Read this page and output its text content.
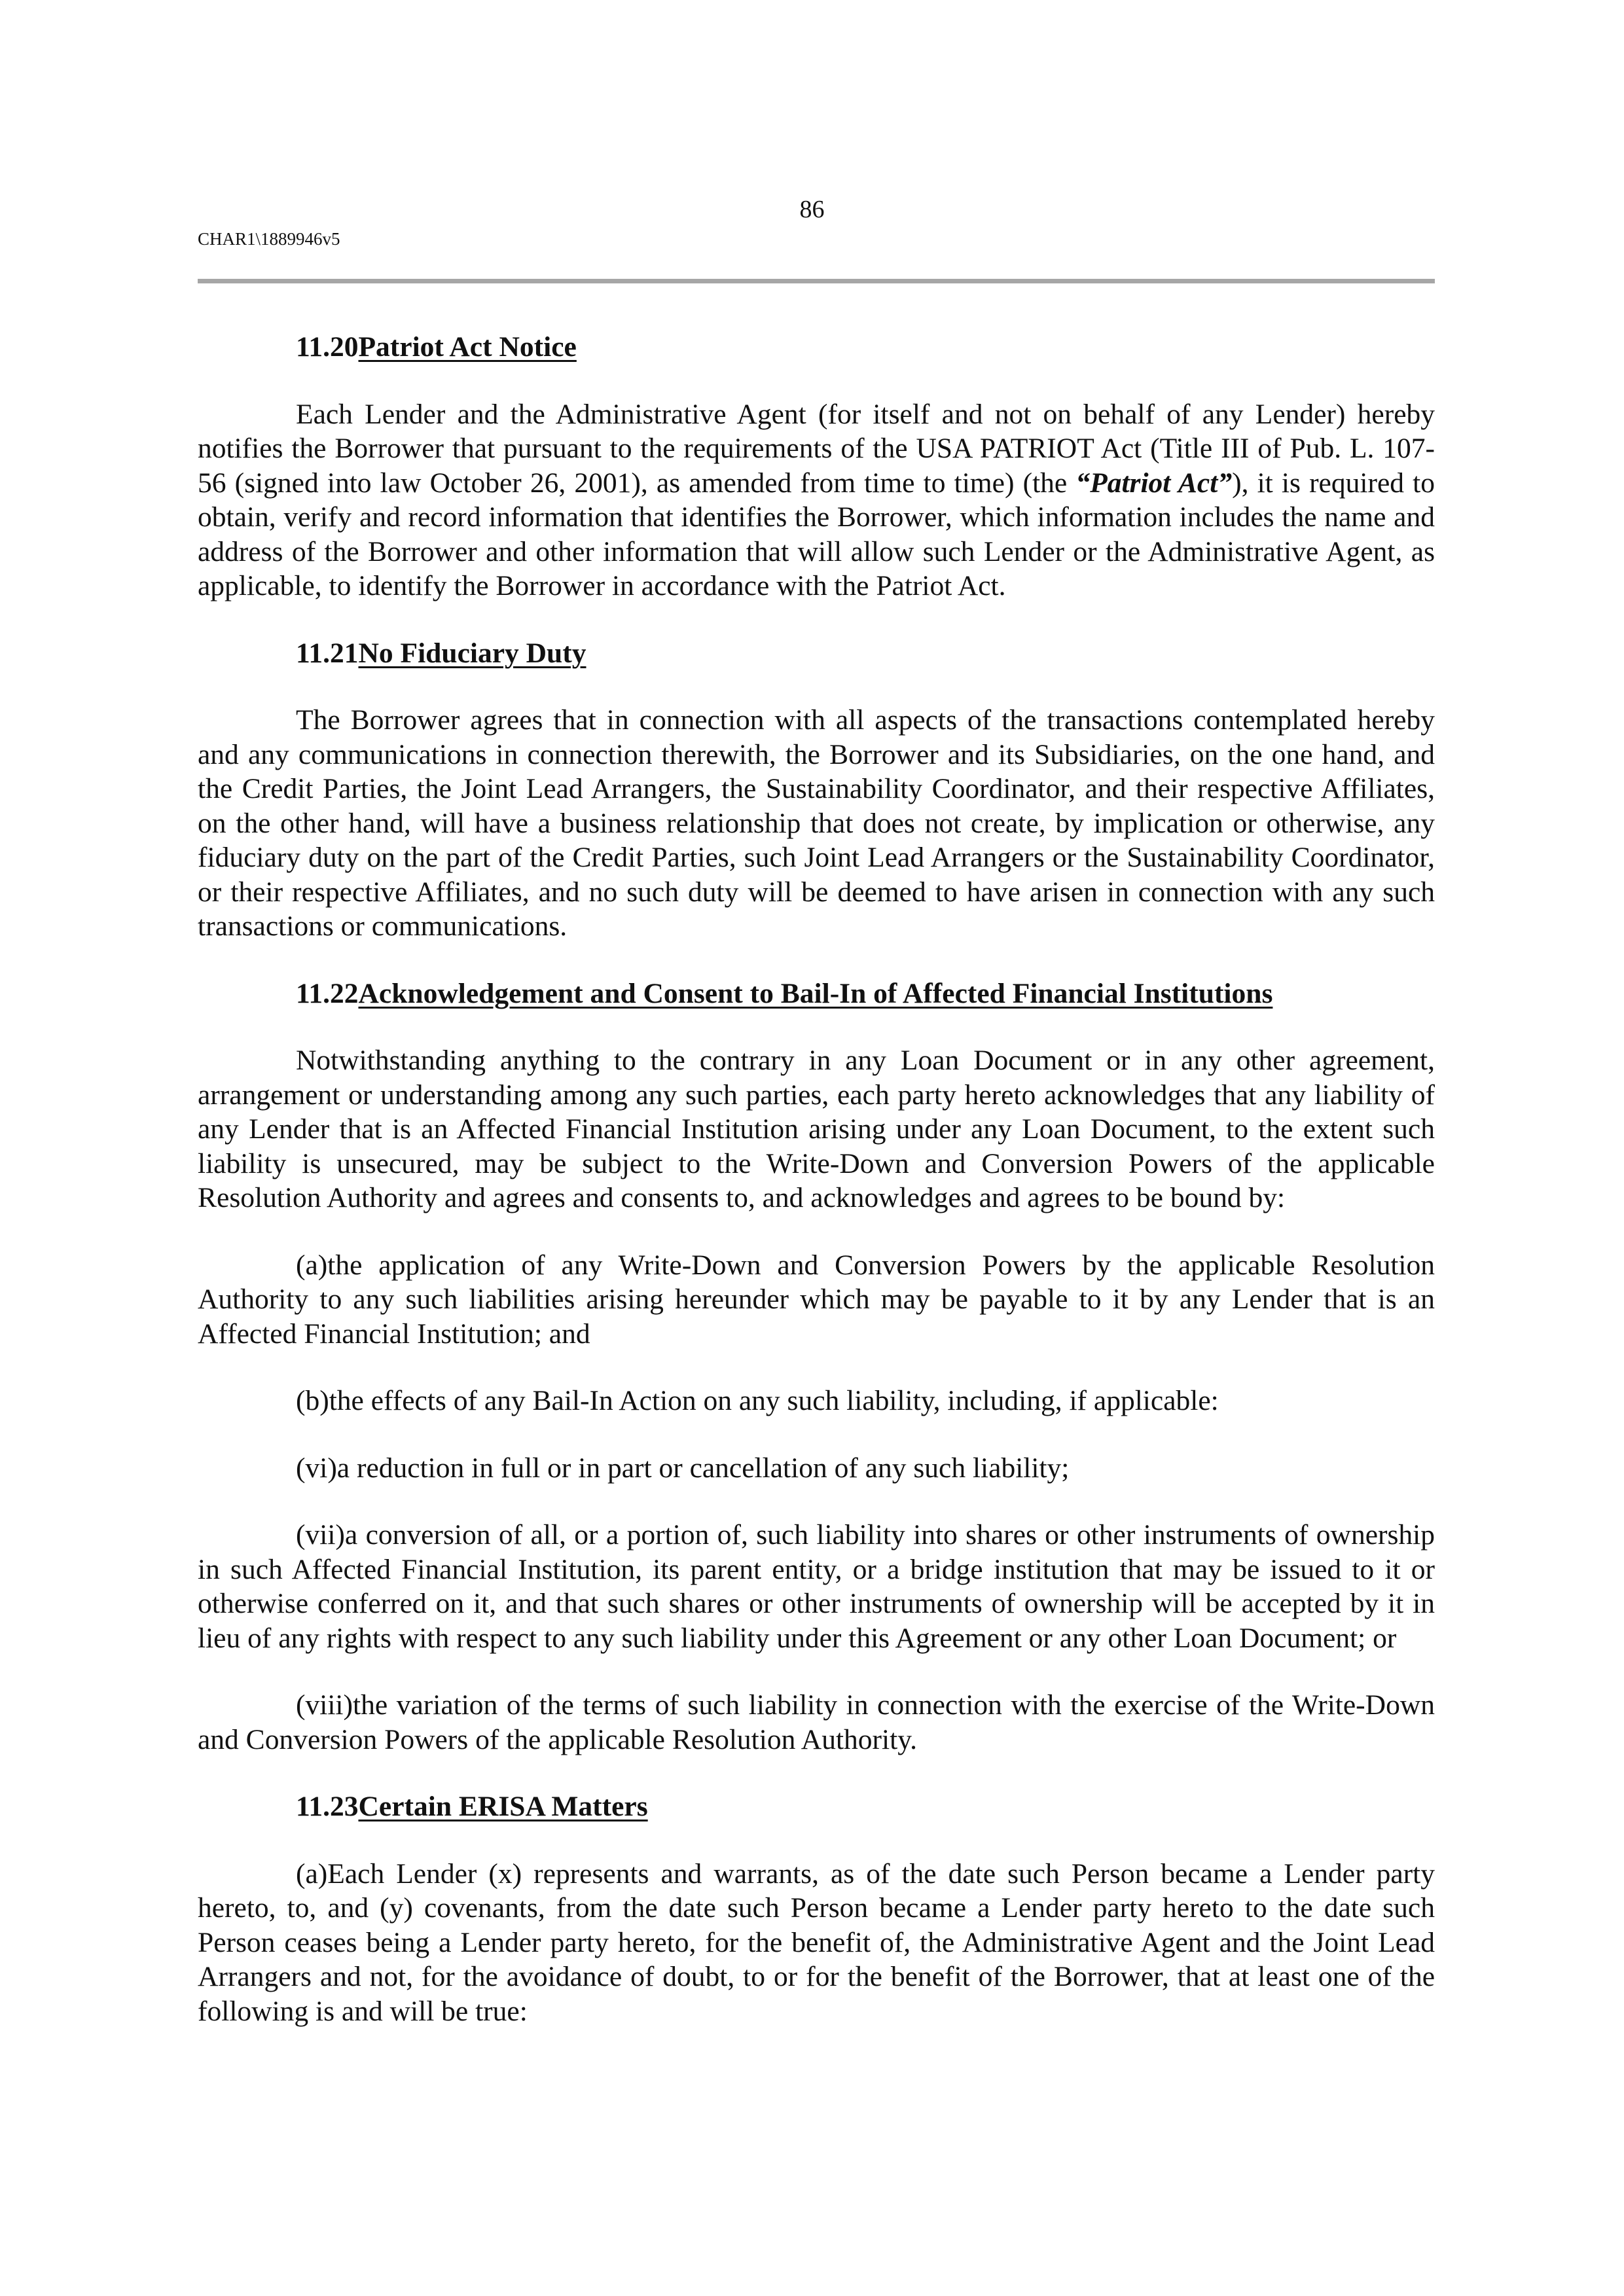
86
CHAR1\1889946v5

11.20Patriot Act Notice

Each Lender and the Administrative Agent (for itself and not on behalf of any Lender) hereby notifies the Borrower that pursuant to the requirements of the USA PATRIOT Act (Title III of Pub. L. 107-56 (signed into law October 26, 2001), as amended from time to time) (the “Patriot Act”), it is required to obtain, verify and record information that identifies the Borrower, which information includes the name and address of the Borrower and other information that will allow such Lender or the Administrative Agent, as applicable, to identify the Borrower in accordance with the Patriot Act.

11.21No Fiduciary Duty

The Borrower agrees that in connection with all aspects of the transactions contemplated hereby and any communications in connection therewith, the Borrower and its Subsidiaries, on the one hand, and the Credit Parties, the Joint Lead Arrangers, the Sustainability Coordinator, and their respective Affiliates, on the other hand, will have a business relationship that does not create, by implication or otherwise, any fiduciary duty on the part of the Credit Parties, such Joint Lead Arrangers or the Sustainability Coordinator, or their respective Affiliates, and no such duty will be deemed to have arisen in connection with any such transactions or communications.

11.22Acknowledgement and Consent to Bail-In of Affected Financial Institutions

Notwithstanding anything to the contrary in any Loan Document or in any other agreement, arrangement or understanding among any such parties, each party hereto acknowledges that any liability of any Lender that is an Affected Financial Institution arising under any Loan Document, to the extent such liability is unsecured, may be subject to the Write-Down and Conversion Powers of the applicable Resolution Authority and agrees and consents to, and acknowledges and agrees to be bound by:

(a)the application of any Write-Down and Conversion Powers by the applicable Resolution Authority to any such liabilities arising hereunder which may be payable to it by any Lender that is an Affected Financial Institution; and

(b)the effects of any Bail-In Action on any such liability, including, if applicable:

(vi)a reduction in full or in part or cancellation of any such liability;

(vii)a conversion of all, or a portion of, such liability into shares or other instruments of ownership in such Affected Financial Institution, its parent entity, or a bridge institution that may be issued to it or otherwise conferred on it, and that such shares or other instruments of ownership will be accepted by it in lieu of any rights with respect to any such liability under this Agreement or any other Loan Document; or

(viii)the variation of the terms of such liability in connection with the exercise of the Write-Down and Conversion Powers of the applicable Resolution Authority.

11.23Certain ERISA Matters

(a)Each Lender (x) represents and warrants, as of the date such Person became a Lender party hereto, to, and (y) covenants, from the date such Person became a Lender party hereto to the date such Person ceases being a Lender party hereto, for the benefit of, the Administrative Agent and the Joint Lead Arrangers and not, for the avoidance of doubt, to or for the benefit of the Borrower, that at least one of the following is and will be true:
